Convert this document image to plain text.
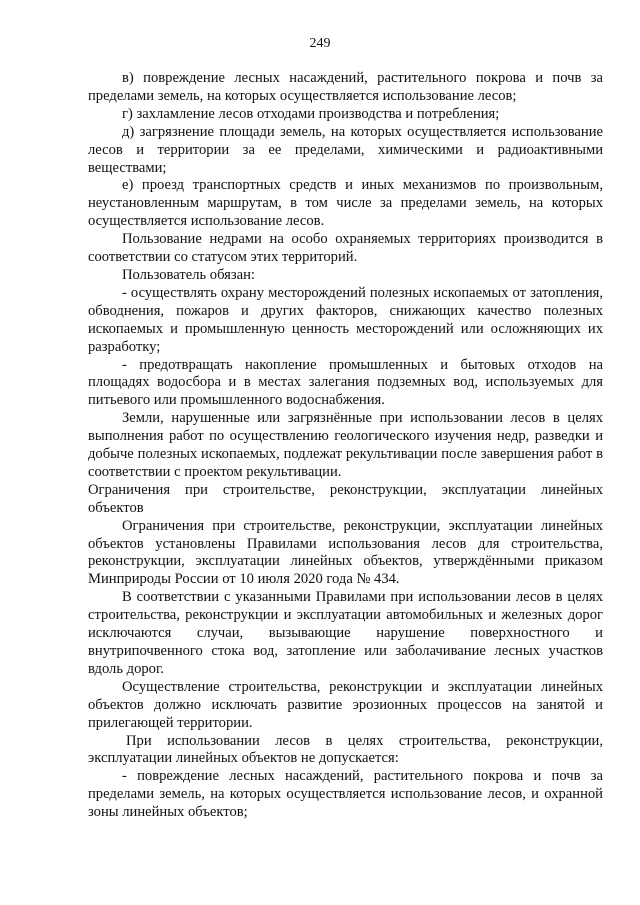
249

в) повреждение лесных насаждений, растительного покрова и почв за пределами земель, на которых осуществляется использование лесов;

г) захламление лесов отходами производства и потребления;

д) загрязнение площади земель, на которых осуществляется использование лесов и территории за ее пределами, химическими и радиоактивными веществами;

е) проезд транспортных средств и иных механизмов по произвольным, неустановленным маршрутам, в том числе за пределами земель, на которых осуществляется использование лесов.

Пользование недрами на особо охраняемых территориях производится в соответствии со статусом этих территорий.

Пользователь обязан:

- осуществлять охрану месторождений полезных ископаемых от затопления, обводнения, пожаров и других факторов, снижающих качество полезных ископаемых и промышленную ценность месторождений или осложняющих их разработку;

- предотвращать накопление промышленных и бытовых отходов на площадях водосбора и в местах залегания подземных вод, используемых для питьевого или промышленного водоснабжения.

Земли, нарушенные или загрязнённые при использовании лесов в целях выполнения работ по осуществлению геологического изучения недр, разведки и добыче полезных ископаемых, подлежат рекультивации после завершения работ в соответствии с проектом рекультивации.

Ограничения при строительстве, реконструкции, эксплуатации линейных объектов

Ограничения при строительстве, реконструкции, эксплуатации линейных объектов установлены Правилами использования лесов для строительства, реконструкции, эксплуатации линейных объектов, утверждёнными приказом Минприроды России от 10 июля 2020 года № 434.

В соответствии с указанными Правилами при использовании лесов в целях строительства, реконструкции и эксплуатации автомобильных и железных дорог исключаются случаи, вызывающие нарушение поверхностного и внутрипочвенного стока вод, затопление или заболачивание лесных участков вдоль дорог.

Осуществление строительства, реконструкции и эксплуатации линейных объектов должно исключать развитие эрозионных процессов на занятой и прилегающей территории.

При использовании лесов в целях строительства, реконструкции, эксплуатации линейных объектов не допускается:

- повреждение лесных насаждений, растительного покрова и почв за пределами земель, на которых осуществляется использование лесов, и охранной зоны линейных объектов;
